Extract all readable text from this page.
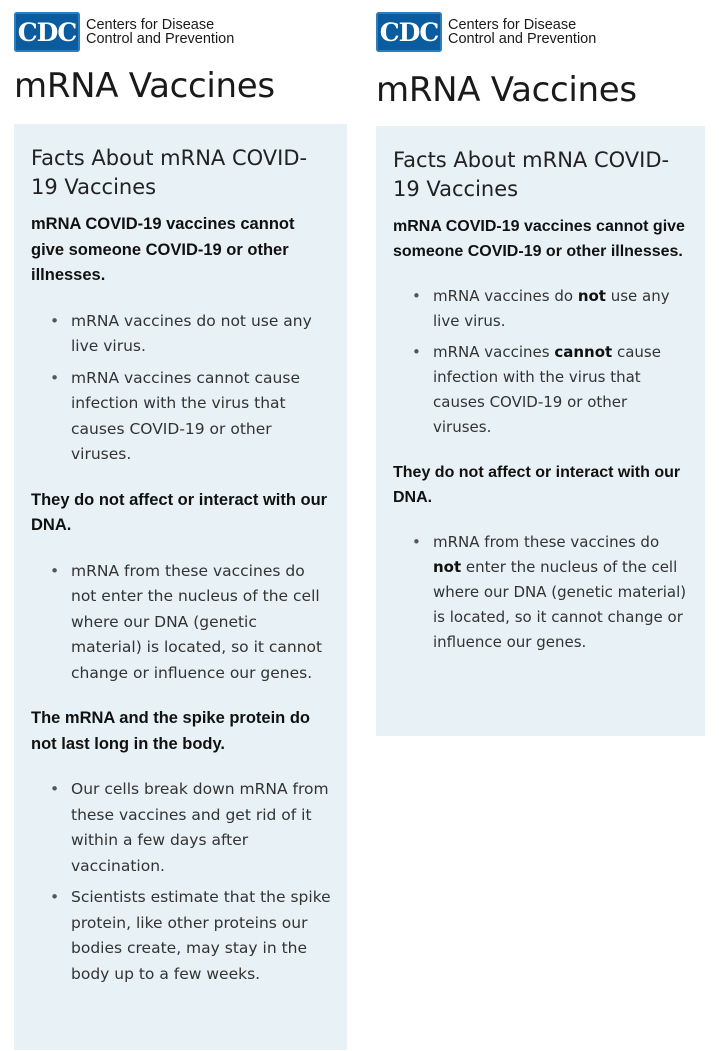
CDC Centers for Disease
Control and Prevention
mRNA Vaccines
Facts About mRNA COVID-19 Vaccines

mRNA COVID-19 vaccines cannot give someone COVID-19 or other illnesses.

• mRNA vaccines do not use any live virus.
• mRNA vaccines cannot cause infection with the virus that causes COVID-19 or other viruses.

They do not affect or interact with our DNA.

• mRNA from these vaccines do not enter the nucleus of the cell where our DNA (genetic material) is located, so it cannot change or influence our genes.

The mRNA and the spike protein do not last long in the body.

• Our cells break down mRNA from these vaccines and get rid of it within a few days after vaccination.
• Scientists estimate that the spike protein, like other proteins our bodies create, may stay in the body up to a few weeks.
CDC Centers for Disease
Control and Prevention
mRNA Vaccines
Facts About mRNA COVID-19 Vaccines

mRNA COVID-19 vaccines cannot give someone COVID-19 or other illnesses.

• mRNA vaccines do not use any live virus.
• mRNA vaccines cannot cause infection with the virus that causes COVID-19 or other viruses.

They do not affect or interact with our DNA.

• mRNA from these vaccines do not enter the nucleus of the cell where our DNA (genetic material) is located, so it cannot change or influence our genes.
